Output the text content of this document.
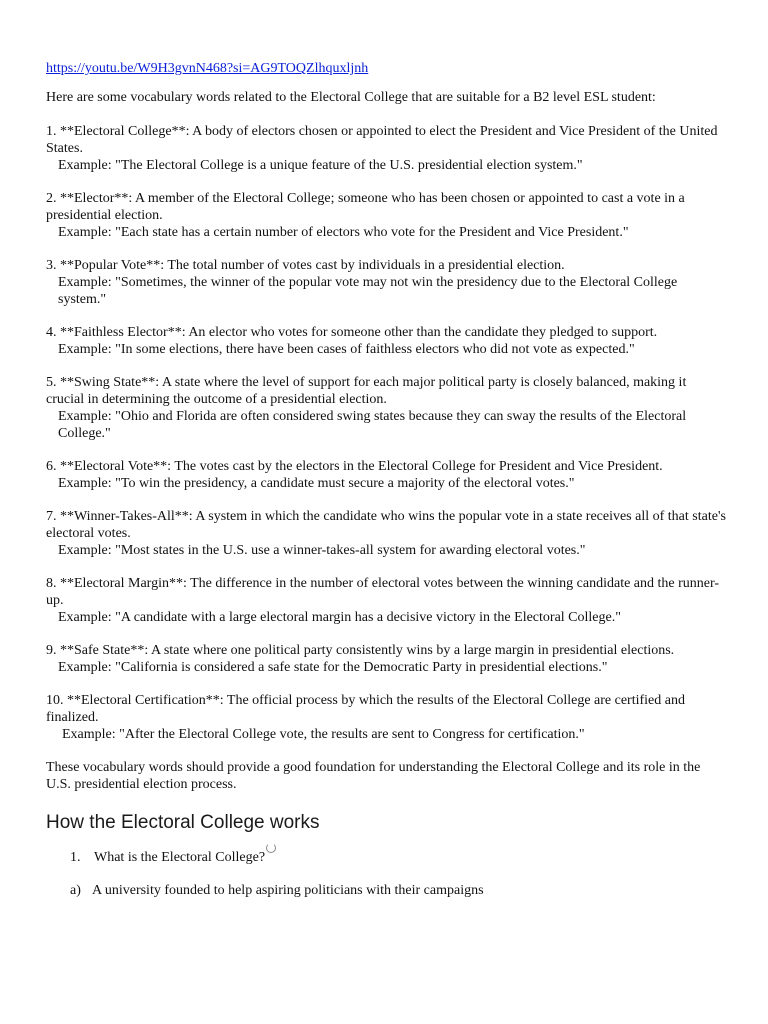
https://youtu.be/W9H3gvnN468?si=AG9TOQZlhquxljnh

Here are some vocabulary words related to the Electoral College that are suitable for a B2 level ESL student:

1. **Electoral College**: A body of electors chosen or appointed to elect the President and Vice President of the United States.
Example: "The Electoral College is a unique feature of the U.S. presidential election system."
2. **Elector**: A member of the Electoral College; someone who has been chosen or appointed to cast a vote in a presidential election.
Example: "Each state has a certain number of electors who vote for the President and Vice President."
3. **Popular Vote**: The total number of votes cast by individuals in a presidential election.
Example: "Sometimes, the winner of the popular vote may not win the presidency due to the Electoral College system."
4. **Faithless Elector**: An elector who votes for someone other than the candidate they pledged to support.
Example: "In some elections, there have been cases of faithless electors who did not vote as expected."
5. **Swing State**: A state where the level of support for each major political party is closely balanced, making it crucial in determining the outcome of a presidential election.
Example: "Ohio and Florida are often considered swing states because they can sway the results of the Electoral College."
6. **Electoral Vote**: The votes cast by the electors in the Electoral College for President and Vice President.
Example: "To win the presidency, a candidate must secure a majority of the electoral votes."
7. **Winner-Takes-All**: A system in which the candidate who wins the popular vote in a state receives all of that state's electoral votes.
Example: "Most states in the U.S. use a winner-takes-all system for awarding electoral votes."
8. **Electoral Margin**: The difference in the number of electoral votes between the winning candidate and the runner-up.
Example: "A candidate with a large electoral margin has a decisive victory in the Electoral College."
9. **Safe State**: A state where one political party consistently wins by a large margin in presidential elections.
Example: "California is considered a safe state for the Democratic Party in presidential elections."
10. **Electoral Certification**: The official process by which the results of the Electoral College are certified and finalized.
Example: "After the Electoral College vote, the results are sent to Congress for certification."

These vocabulary words should provide a good foundation for understanding the Electoral College and its role in the U.S. presidential election process.

How the Electoral College works
1. What is the Electoral College?
a) A university founded to help aspiring politicians with their campaigns
